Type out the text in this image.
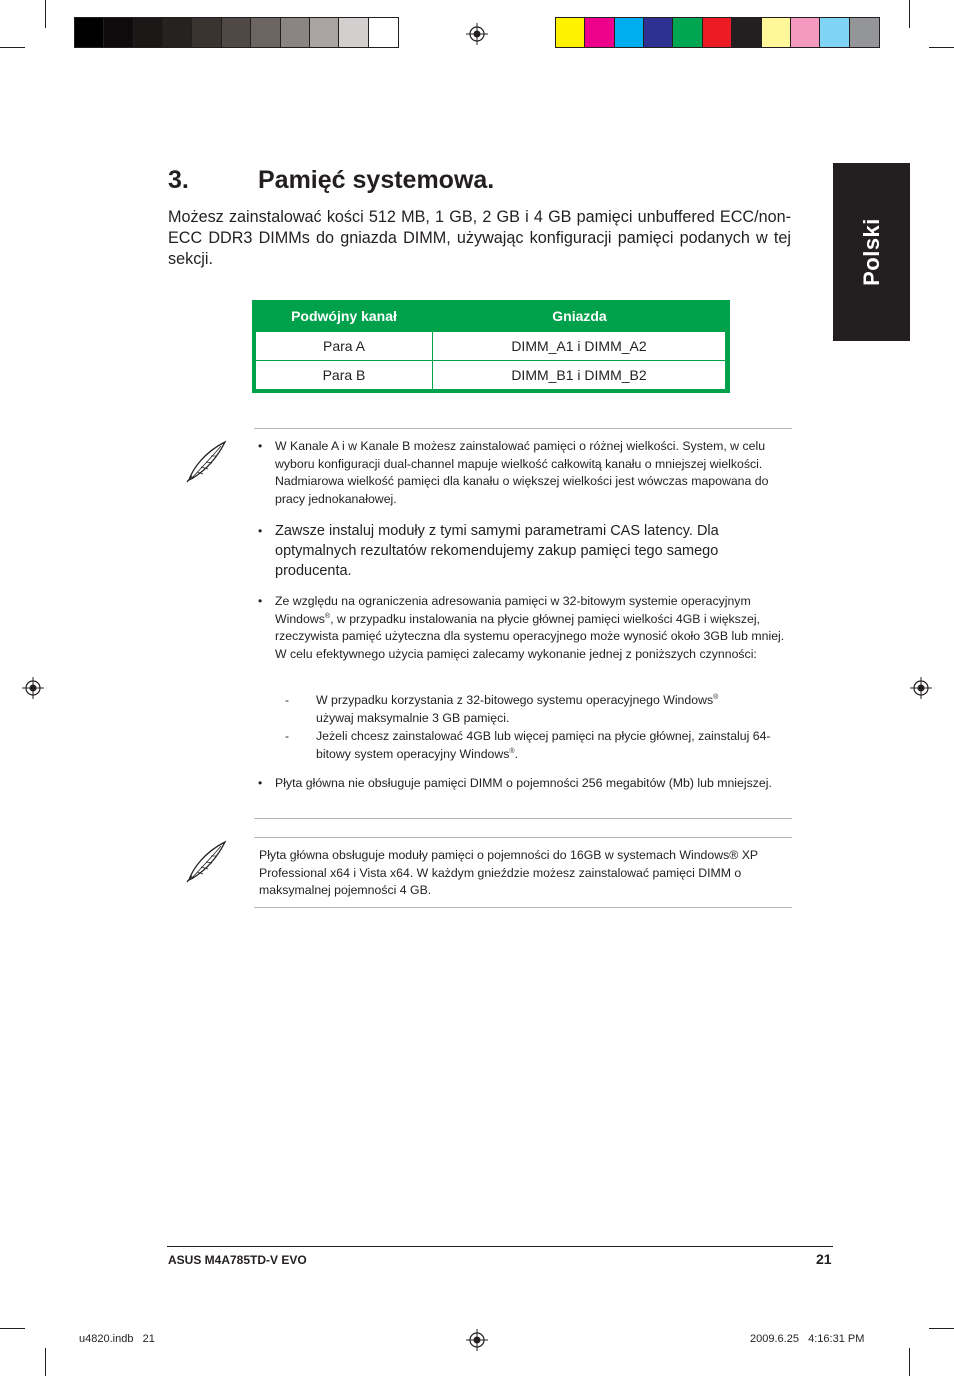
Polski
3.	Pamięć systemowa.
Możesz zainstalować kości 512 MB, 1 GB, 2 GB i 4 GB pamięci unbuffered ECC/non-ECC DDR3 DIMMs do gniazda DIMM, używając konfiguracji pamięci podanych w tej sekcji.
Podwójny kanał	Gniazda
Para A	DIMM_A1 i DIMM_A2
Para B	DIMM_B1 i DIMM_B2
• W Kanale A i w Kanale B możesz zainstalować pamięci o różnej wielkości. System, w celu wyboru konfiguracji dual-channel mapuje wielkość całkowitą kanału o mniejszej wielkości. Nadmiarowa wielkość pamięci dla kanału o większej wielkości jest wówczas mapowana do pracy jednokanałowej.
• Zawsze instaluj moduły z tymi samymi parametrami CAS latency. Dla optymalnych rezultatów rekomendujemy zakup pamięci tego samego producenta.
• Ze względu na ograniczenia adresowania pamięci w 32-bitowym systemie operacyjnym Windows®, w przypadku instalowania na płycie głównej pamięci wielkości 4GB i większej, rzeczywista pamięć użyteczna dla systemu operacyjnego może wynosić około 3GB lub mniej. W celu efektywnego użycia pamięci zalecamy wykonanie jednej z poniższych czynności:
- W przypadku korzystania z 32-bitowego systemu operacyjnego Windows®
używaj maksymalnie 3 GB pamięci.
- Jeżeli chcesz zainstalować 4GB lub więcej pamięci na płycie głównej, zainstaluj 64-bitowy system operacyjny Windows®.
• Płyta główna nie obsługuje pamięci DIMM o pojemności 256 megabitów (Mb) lub mniejszej.
Płyta główna obsługuje moduły pamięci o pojemności do 16GB w systemach Windows® XP Professional x64 i Vista x64. W każdym gnieździe możesz zainstalować pamięci DIMM o maksymalnej pojemności 4 GB.
ASUS M4A785TD-V EVO	21
u4820.indb   21	2009.6.25   4:16:31 PM
